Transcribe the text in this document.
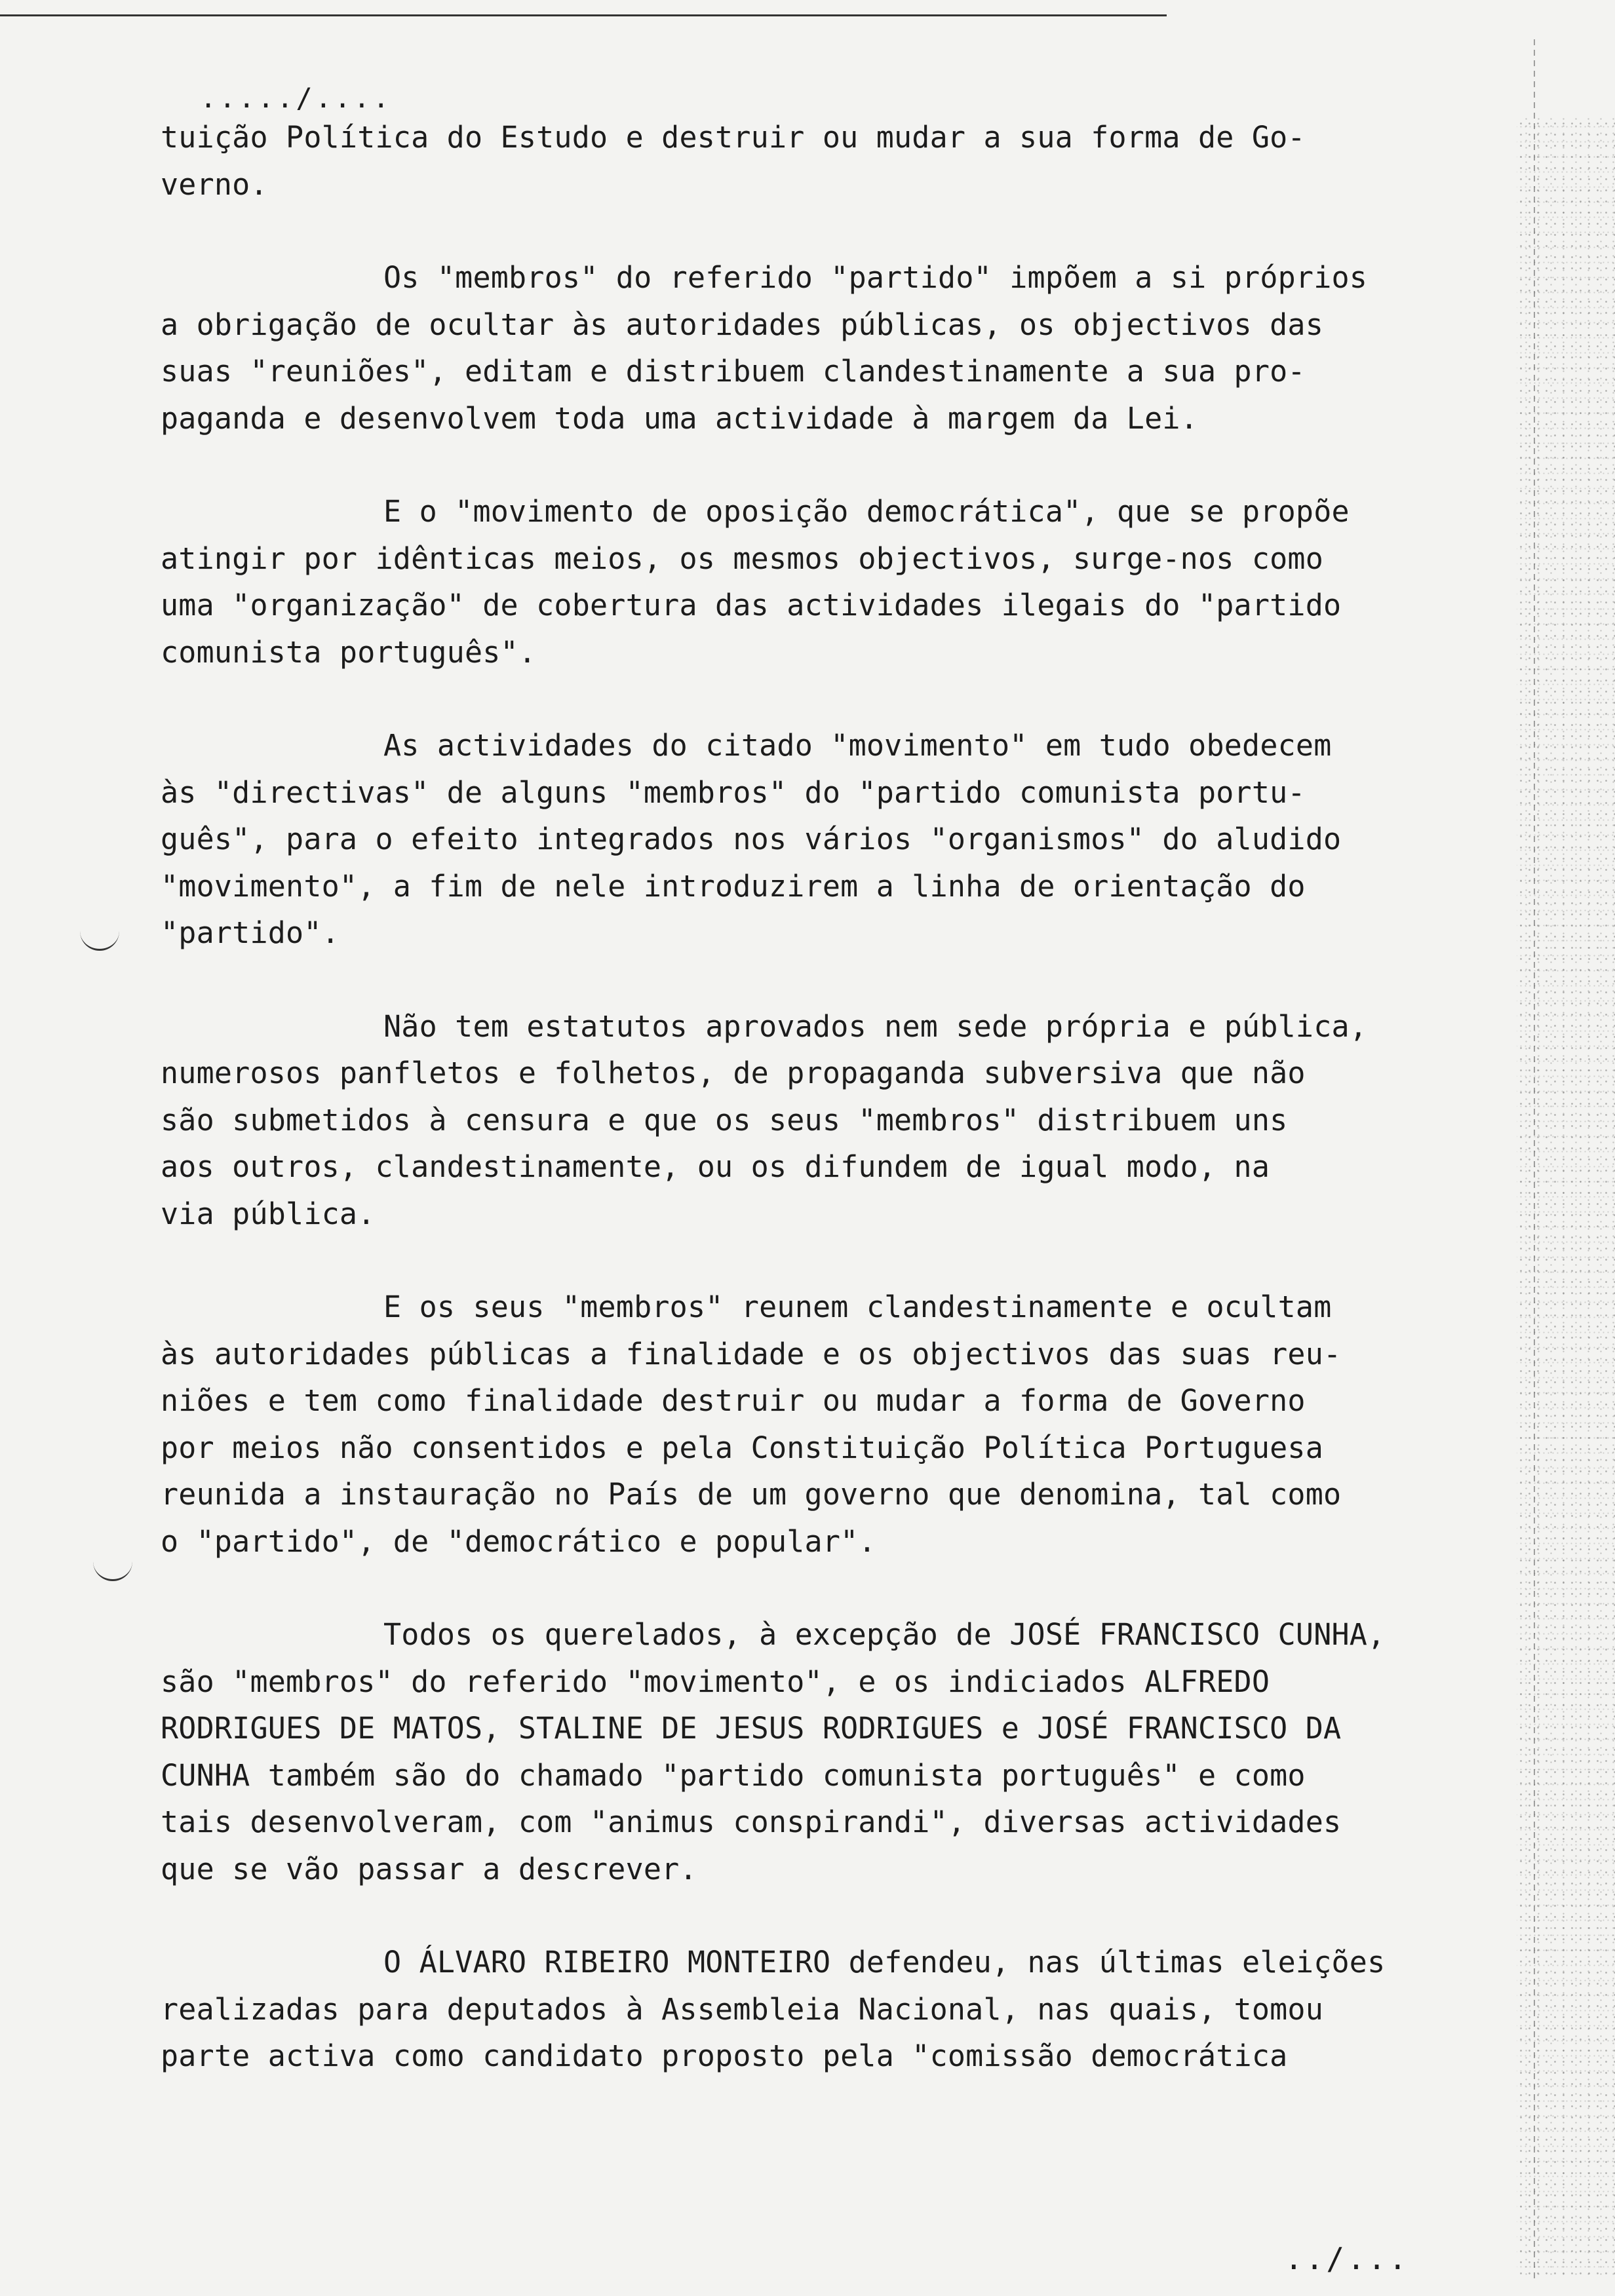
...../....
tuição Política do Estudo e destruir ou mudar a sua forma de Go-
verno.
Os "membros" do referido "partido" impõem a si próprios
a obrigação de ocultar às autoridades públicas, os objectivos das
suas "reuniões", editam e distribuem clandestinamente a sua pro-
paganda e desenvolvem toda uma actividade à margem da Lei.
E o "movimento de oposição democrática", que se propõe
atingir por idênticas meios, os mesmos objectivos, surge-nos como
uma "organização" de cobertura das actividades ilegais do "partido
comunista português".
As actividades do citado "movimento" em tudo obedecem
às "directivas" de alguns "membros" do "partido comunista portu-
guês", para o efeito integrados nos vários "organismos" do aludido
"movimento", a fim de nele introduzirem a linha de orientação do
"partido".
Não tem estatutos aprovados nem sede própria e pública,
numerosos panfletos e folhetos, de propaganda subversiva que não
são submetidos à censura e que os seus "membros" distribuem uns
aos outros, clandestinamente, ou os difundem de igual modo, na
via pública.
E os seus "membros" reunem clandestinamente e ocultam
às autoridades públicas a finalidade e os objectivos das suas reu-
niões e tem como finalidade destruir ou mudar a forma de Governo
por meios não consentidos e pela Constituição Política Portuguesa
reunida a instauração no País de um governo que denomina, tal como
o "partido", de "democrático e popular".
Todos os querelados, à excepção de JOSÉ FRANCISCO CUNHA,
são "membros" do referido "movimento", e os indiciados ALFREDO
RODRIGUES DE MATOS, STALINE DE JESUS RODRIGUES e JOSÉ FRANCISCO DA
CUNHA também são do chamado "partido comunista português" e como
tais desenvolveram, com "animus conspirandi", diversas actividades
que se vão passar a descrever.
O ÁLVARO RIBEIRO MONTEIRO defendeu, nas últimas eleições
realizadas para deputados à Assembleia Nacional, nas quais, tomou
parte activa como candidato proposto pela "comissão democrática
../...
